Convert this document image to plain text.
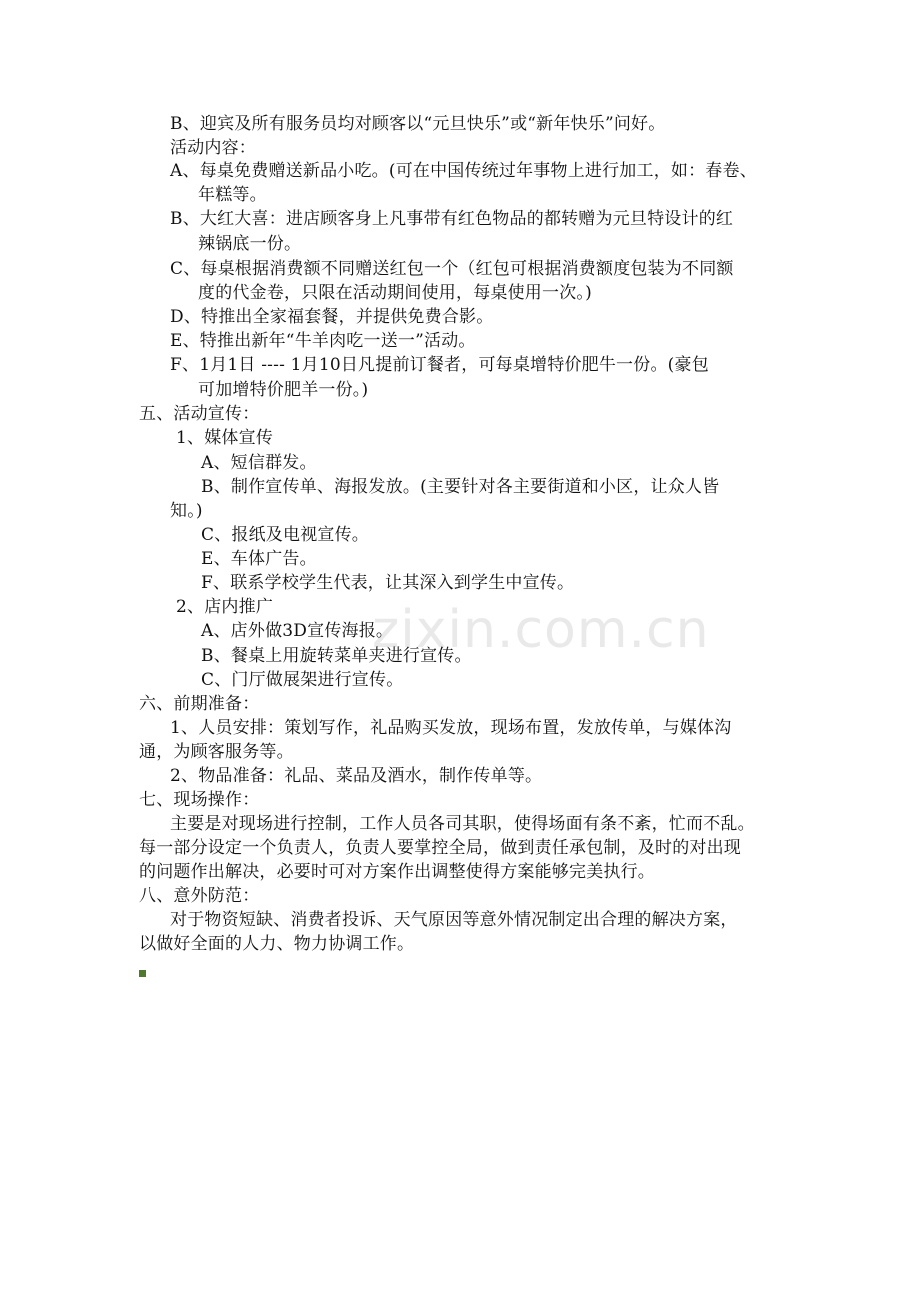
zixin.com.cn
B、迎宾及所有服务员均对顾客以“元旦快乐”或“新年快乐”问好。
活动内容：
A、每桌免费赠送新品小吃。(可在中国传统过年事物上进行加工，如：春卷、
年糕等。
B、大红大喜：进店顾客身上凡事带有红色物品的都转赠为元旦特设计的红
辣锅底一份。
C、每桌根据消费额不同赠送红包一个（红包可根据消费额度包装为不同额
度的代金卷，只限在活动期间使用，每桌使用一次。)
D、特推出全家福套餐，并提供免费合影。
E、特推出新年“牛羊肉吃一送一”活动。
F、1月1日 ---- 1月10日凡提前订餐者，可每桌增特价肥牛一份。(豪包
可加增特价肥羊一份。)
五、活动宣传：
1、媒体宣传
A、短信群发。
B、制作宣传单、海报发放。(主要针对各主要街道和小区，让众人皆
知。)
C、报纸及电视宣传。
E、车体广告。
F、联系学校学生代表，让其深入到学生中宣传。
2、店内推广
A、店外做3D宣传海报。
B、餐桌上用旋转菜单夹进行宣传。
C、门厅做展架进行宣传。
六、前期准备：
1、人员安排：策划写作，礼品购买发放，现场布置，发放传单，与媒体沟
通，为顾客服务等。
2、物品准备：礼品、菜品及酒水，制作传单等。
七、现场操作：
主要是对现场进行控制，工作人员各司其职，使得场面有条不紊，忙而不乱。
每一部分设定一个负责人，负责人要掌控全局，做到责任承包制，及时的对出现
的问题作出解决，必要时可对方案作出调整使得方案能够完美执行。
八、意外防范：
对于物资短缺、消费者投诉、天气原因等意外情况制定出合理的解决方案，
以做好全面的人力、物力协调工作。
